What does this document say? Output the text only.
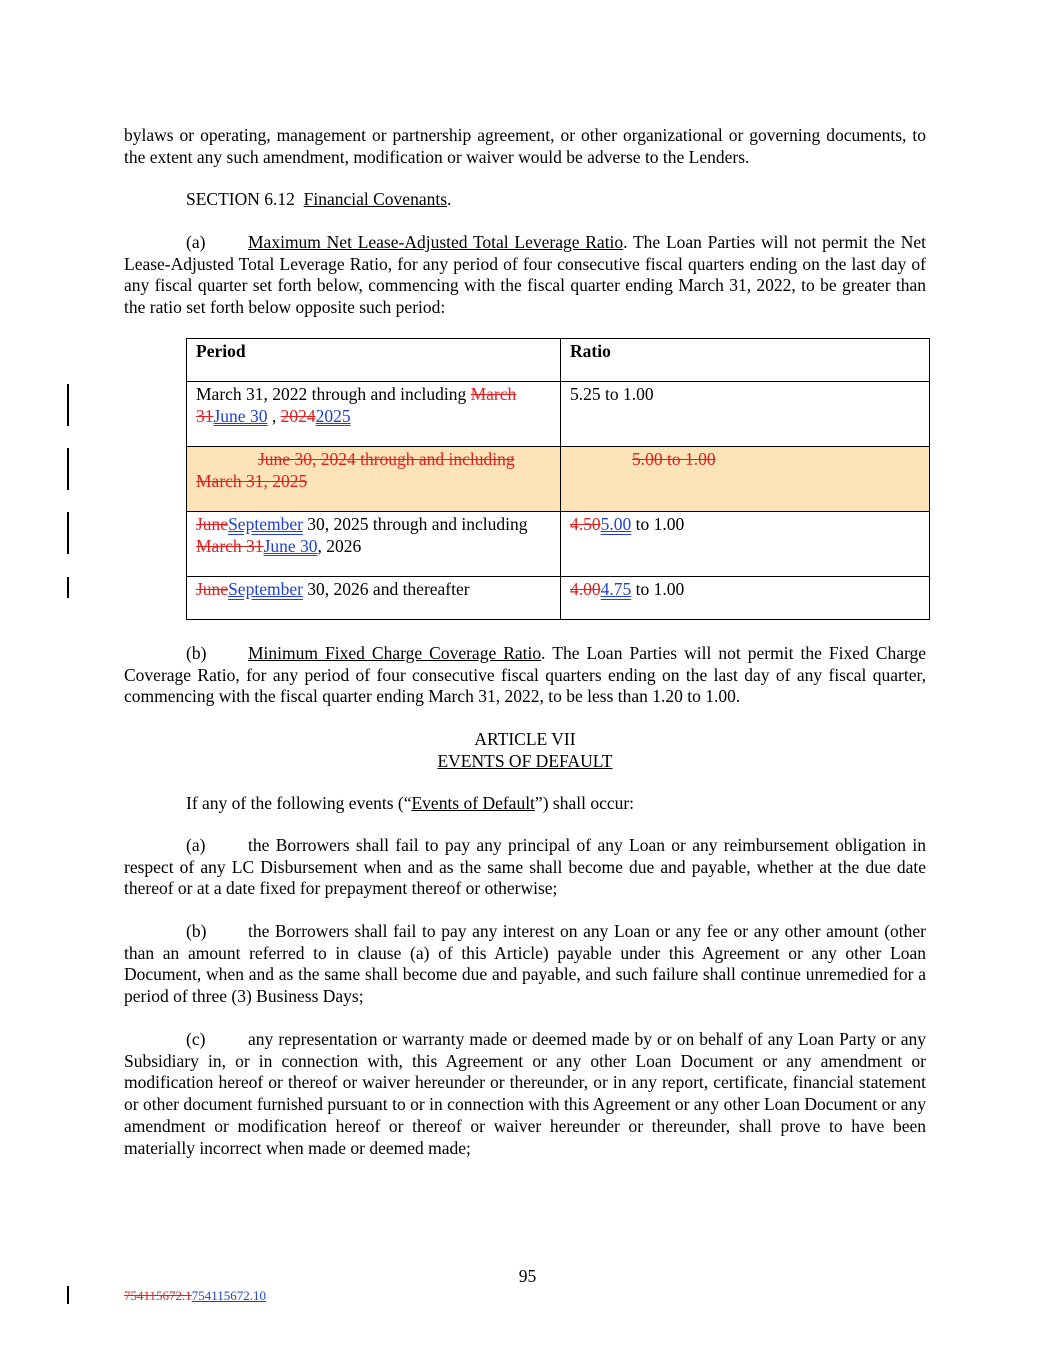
bylaws or operating, management or partnership agreement, or other organizational or governing documents, to the extent any such amendment, modification or waiver would be adverse to the Lenders.

SECTION 6.12 Financial Covenants.

(a) Maximum Net Lease-Adjusted Total Leverage Ratio. The Loan Parties will not permit the Net Lease-Adjusted Total Leverage Ratio, for any period of four consecutive fiscal quarters ending on the last day of any fiscal quarter set forth below, commencing with the fiscal quarter ending March 31, 2022, to be greater than the ratio set forth below opposite such period:

Period	Ratio
March 31, 2022 through and including March 31June 30 , 20242025	5.25 to 1.00
June 30, 2024 through and including March 31, 2025	5.00 to 1.00
JuneSeptember 30, 2025 through and including March 31June 30, 2026	4.505.00 to 1.00
JuneSeptember 30, 2026 and thereafter	4.004.75 to 1.00

(b) Minimum Fixed Charge Coverage Ratio. The Loan Parties will not permit the Fixed Charge Coverage Ratio, for any period of four consecutive fiscal quarters ending on the last day of any fiscal quarter, commencing with the fiscal quarter ending March 31, 2022, to be less than 1.20 to 1.00.

ARTICLE VII

EVENTS OF DEFAULT

If any of the following events (“Events of Default”) shall occur:

(a) the Borrowers shall fail to pay any principal of any Loan or any reimbursement obligation in respect of any LC Disbursement when and as the same shall become due and payable, whether at the due date thereof or at a date fixed for prepayment thereof or otherwise;

(b) the Borrowers shall fail to pay any interest on any Loan or any fee or any other amount (other than an amount referred to in clause (a) of this Article) payable under this Agreement or any other Loan Document, when and as the same shall become due and payable, and such failure shall continue unremedied for a period of three (3) Business Days;

(c) any representation or warranty made or deemed made by or on behalf of any Loan Party or any Subsidiary in, or in connection with, this Agreement or any other Loan Document or any amendment or modification hereof or thereof or waiver hereunder or thereunder, or in any report, certificate, financial statement or other document furnished pursuant to or in connection with this Agreement or any other Loan Document or any amendment or modification hereof or thereof or waiver hereunder or thereunder, shall prove to have been materially incorrect when made or deemed made;

95
754115672.1754115672.10
